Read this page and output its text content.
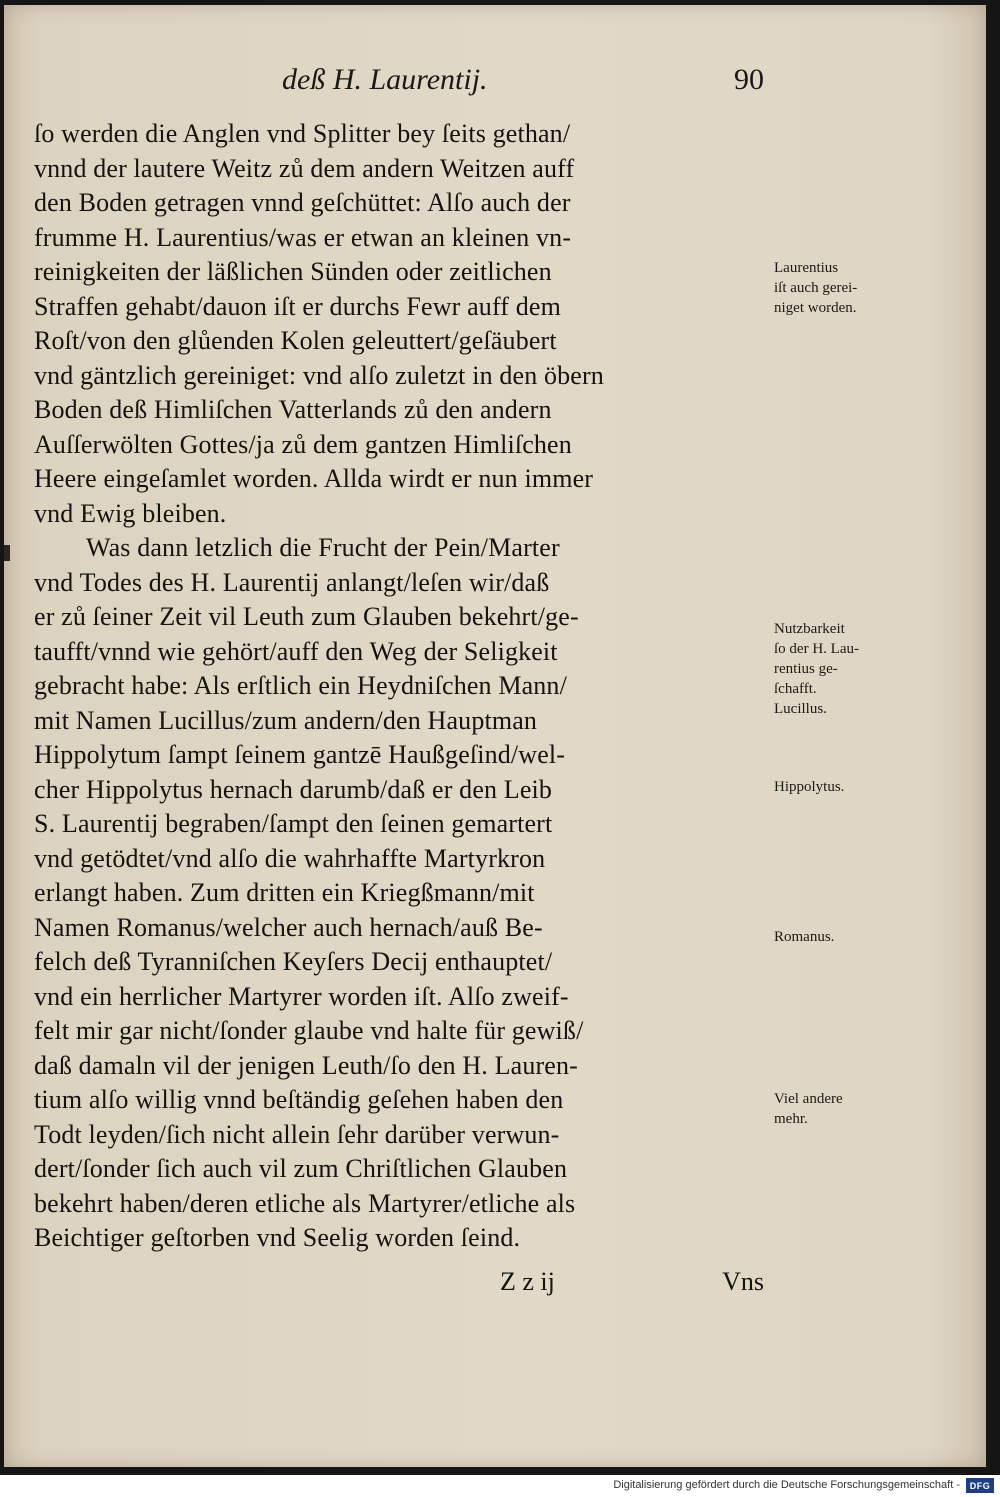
deß H. Laurentij.	90
ſo werden die Anglen vnd Splitter bey ſeits gethan/
vnnd der lautere Weitz zů dem andern Weitzen auff
den Boden getragen vnnd geſchüttet: Alſo auch der
frumme H. Laurentius/was er etwan an kleinen vn-
reinigkeiten der läßlichen Sünden oder zeitlichen
Straffen gehabt/dauon iſt er durchs Fewr auff dem
Roſt/von den glůenden Kolen geleuttert/geſäubert
vnd gäntzlich gereiniget: vnd alſo zuletzt in den öbern
Boden deß Himliſchen Vatterlands zů den andern
Auſſerwölten Gottes/ja zů dem gantzen Himliſchen
Heere eingeſamlet worden. Allda wirdt er nun immer
vnd Ewig bleiben.
Was dann letzlich die Frucht der Pein/Marter
vnd Todes des H. Laurentij anlangt/leſen wir/daß
er zů ſeiner Zeit vil Leuth zum Glauben bekehrt/ge-
taufft/vnnd wie gehört/auff den Weg der Seligkeit
gebracht habe: Als erſtlich ein Heydniſchen Mann/
mit Namen Lucillus/zum andern/den Hauptman
Hippolytum ſampt ſeinem gantzē Haußgeſind/wel-
cher Hippolytus hernach darumb/daß er den Leib
S. Laurentij begraben/ſampt den ſeinen gemartert
vnd getödtet/vnd alſo die wahrhaffte Martyrkron
erlangt haben. Zum dritten ein Kriegßmann/mit
Namen Romanus/welcher auch hernach/auß Be-
felch deß Tyranniſchen Keyſers Decij enthauptet/
vnd ein herrlicher Martyrer worden iſt. Alſo zweif-
felt mir gar nicht/ſonder glaube vnd halte für gewiß/
daß damaln vil der jenigen Leuth/ſo den H. Lauren-
tium alſo willig vnnd beſtändig geſehen haben den
Todt leyden/ſich nicht allein ſehr darüber verwun-
dert/ſonder ſich auch vil zum Chriſtlichen Glauben
bekehrt haben/deren etliche als Martyrer/etliche als
Beichtiger geſtorben vnd Seelig worden ſeind.
Z z ij	Vns
Laurentius
iſt auch gerei-
niget worden.
Nutzbarkeit
ſo der H. Lau-
rentius ge-
ſchafft.
Lucillus.
Hippolytus.
Romanus.
Viel andere
mehr.
Digitalisierung gefördert durch die Deutsche Forschungsgemeinschaft -	DFG
